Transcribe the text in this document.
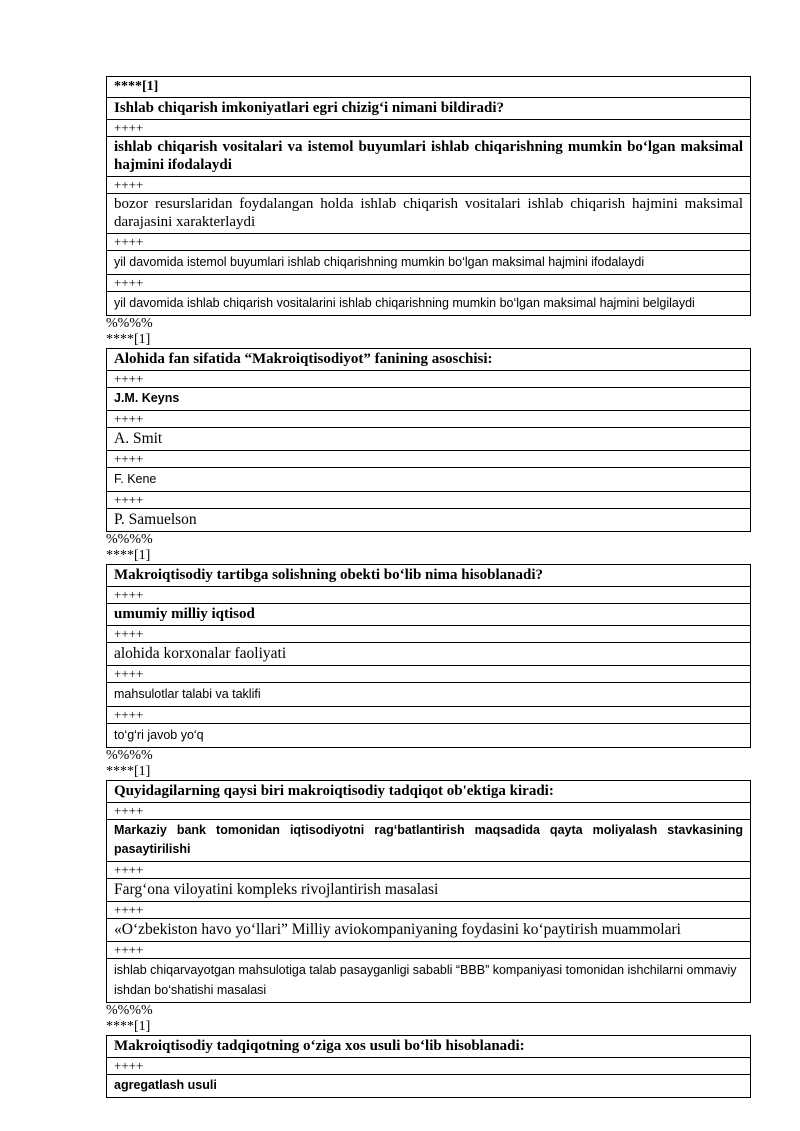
****[1]
Ishlab chiqarish imkoniyatlari egri chizig‘i nimani bildiradi?
++++
ishlab chiqarish vositalari va istemol buyumlari ishlab chiqarishning mumkin bo‘lgan maksimal hajmini ifodalaydi
++++
bozor resurslaridan foydalangan holda ishlab chiqarish vositalari ishlab chiqarish hajmini maksimal darajasini xarakterlaydi
++++
yil davomida istemol buyumlari ishlab chiqarishning mumkin bo‘lgan maksimal hajmini ifodalaydi
++++
yil davomida ishlab chiqarish vositalarini ishlab chiqarishning mumkin bo‘lgan maksimal hajmini belgilaydi
%%%%
****[1]
Alohida fan sifatida “Makroiqtisodiyot” fanining asoschisi:
++++
J.M. Keyns
++++
A. Smit
++++
F. Kene
++++
P. Samuelson
%%%%
****[1]
Makroiqtisodiy tartibga solishning obekti bo‘lib nima hisoblanadi?
++++
umumiy milliy iqtisod
++++
alohida korxonalar faoliyati
++++
mahsulotlar talabi va taklifi
++++
to‘g‘ri javob yo‘q
%%%%
****[1]
Quyidagilarning qaysi biri makroiqtisodiy tadqiqot ob'ektiga kiradi:
++++
Markaziy bank tomonidan iqtisodiyotni rag‘batlantirish maqsadida qayta moliyalash stavkasining pasaytirilishi
++++
Farg‘ona viloyatini kompleks rivojlantirish masalasi
++++
«O‘zbekiston havo yo‘llari” Milliy aviokompaniyaning foydasini ko‘paytirish muammolari
++++
ishlab chiqarvayotgan mahsulotiga talab pasayganligi sababli “BBB” kompaniyasi tomonidan ishchilarni ommaviy ishdan bo‘shatishi masalasi
%%%%
****[1]
Makroiqtisodiy tadqiqotning o‘ziga xos usuli bo‘lib hisoblanadi:
++++
agregatlash usuli
